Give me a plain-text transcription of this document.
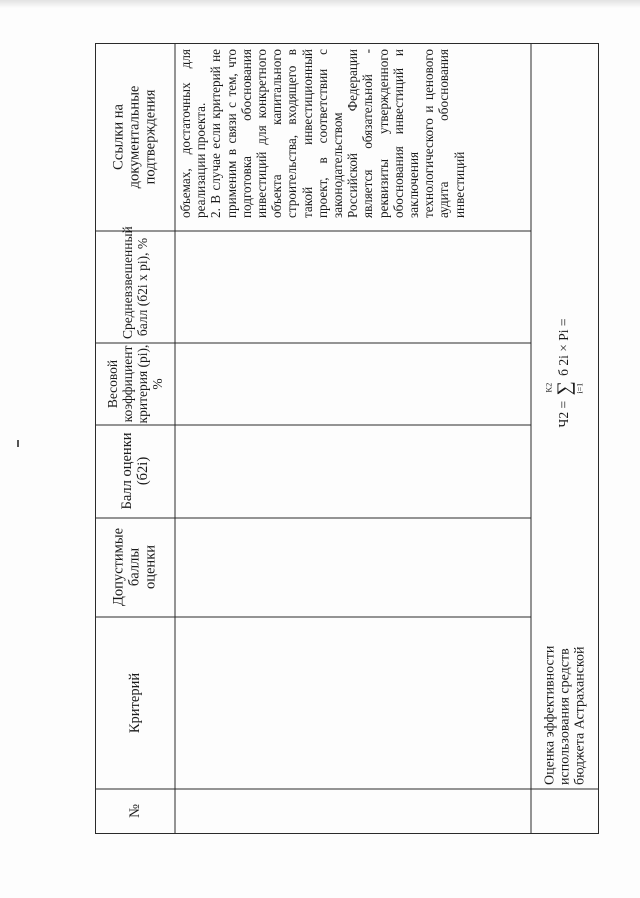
Ссылки на документальные подтверждения
Средневзвешенный балл (б2i х рi), %
Весовой коэффициент критерия (рi), %
Балл оценки (б2i)
Допустимые баллы оценки
Критерий
№

объемах, достаточных для реализации проекта. 2. В случае если критерий не применим в связи с тем, что подготовка обоснования инвестиций для конкретного объекта капитального строительства, входящего в такой инвестиционный проект, в соответствии с законодательством Российской Федерации является обязательной - реквизиты утвержденного обоснования инвестиций и заключения технологического и ценового аудита обоснования инвестиций
Ч2 = ∑
K2	i=1
б 2i × Pi =
Оценка эффективности использования средств бюджета Астраханской
